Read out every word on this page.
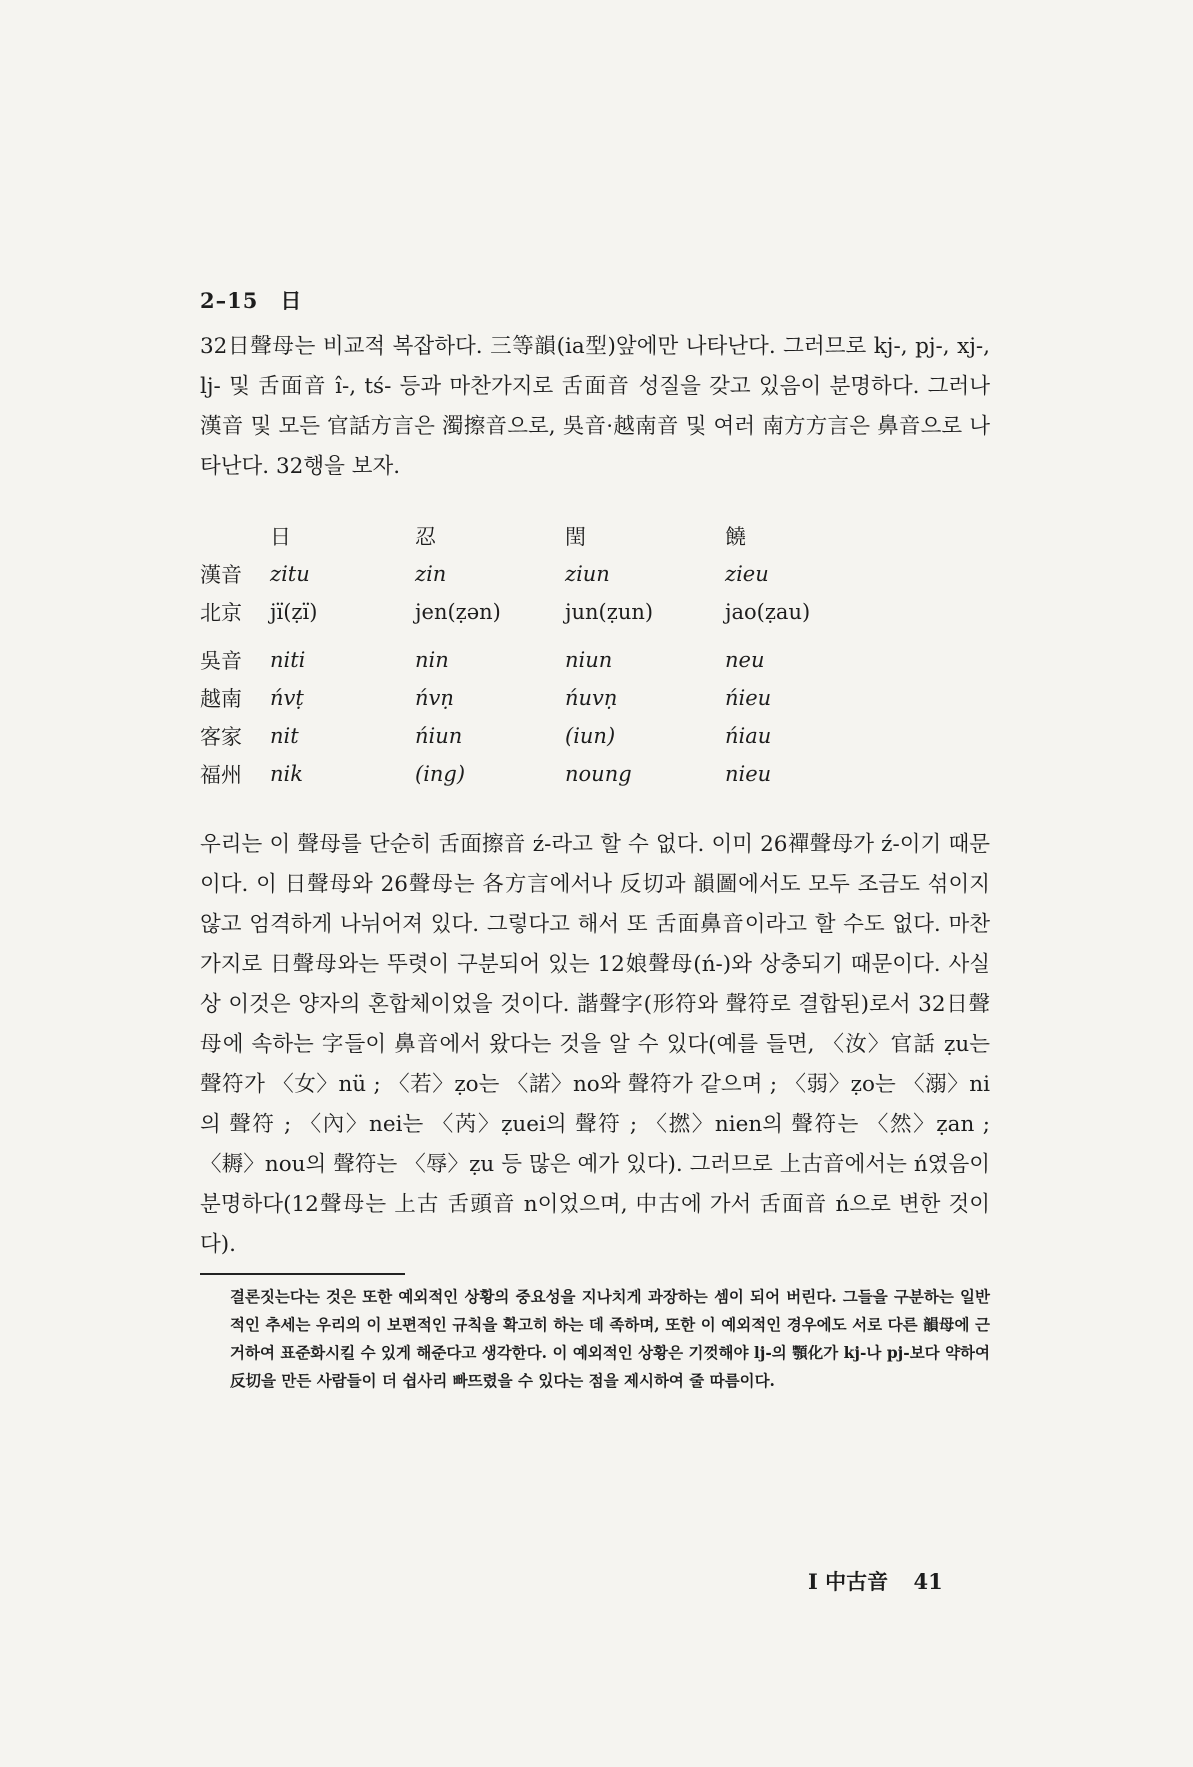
2–15　日

32日聲母는 비교적 복잡하다. 三等韻(ia型)앞에만 나타난다. 그러므로 kj-, pj-, xj-, lj- 및 舌面音 î-, tś- 등과 마찬가지로 舌面音 성질을 갖고 있음이 분명하다. 그러나 漢音 및 모든 官話方言은 濁擦音으로, 吳音·越南音 및 여러 南方方言은 鼻音으로 나타난다. 32행을 보자.

日	忍	閏	饒
漢音	zitu	zin	ziun	zieu
北京	jï(ẓï)	jen(ẓən)	jun(ẓun)	jao(ẓau)
吳音	niti	nin	niun	neu
越南	ńvṭ	ńvṇ	ńuvṇ	ńieu
客家	nit	ńiun	(iun)	ńiau
福州	nik	(ing)	noung	nieu

우리는 이 聲母를 단순히 舌面擦音 ź-라고 할 수 없다. 이미 26禪聲母가 ź-이기 때문이다. 이 日聲母와 26聲母는 各方言에서나 反切과 韻圖에서도 모두 조금도 섞이지 않고 엄격하게 나뉘어져 있다. 그렇다고 해서 또 舌面鼻音이라고 할 수도 없다. 마찬가지로 日聲母와는 뚜렷이 구분되어 있는 12娘聲母(ń-)와 상충되기 때문이다. 사실상 이것은 양자의 혼합체이었을 것이다. 諧聲字(形符와 聲符로 결합된)로서 32日聲母에 속하는 字들이 鼻音에서 왔다는 것을 알 수 있다(예를 들면, 〈汝〉官話 ẓu는 聲符가 〈女〉nü ; 〈若〉ẓo는 〈諾〉no와 聲符가 같으며 ; 〈弱〉ẓo는 〈溺〉ni의 聲符 ; 〈內〉nei는 〈芮〉ẓuei의 聲符 ; 〈撚〉nien의 聲符는 〈然〉ẓan ; 〈耨〉nou의 聲符는 〈辱〉ẓu 등 많은 예가 있다). 그러므로 上古音에서는 ń였음이 분명하다(12聲母는 上古 舌頭音 n이었으며, 中古에 가서 舌面音 ń으로 변한 것이다).

결론짓는다는 것은 또한 예외적인 상황의 중요성을 지나치게 과장하는 셈이 되어 버린다. 그들을 구분하는 일반적인 추세는 우리의 이 보편적인 규칙을 확고히 하는 데 족하며, 또한 이 예외적인 경우에도 서로 다른 韻母에 근거하여 표준화시킬 수 있게 해준다고 생각한다. 이 예외적인 상황은 기껏해야 lj-의 顎化가 kj-나 pj-보다 약하여 反切을 만든 사람들이 더 쉽사리 빠뜨렸을 수 있다는 점을 제시하여 줄 따름이다.

I 中古音 41
